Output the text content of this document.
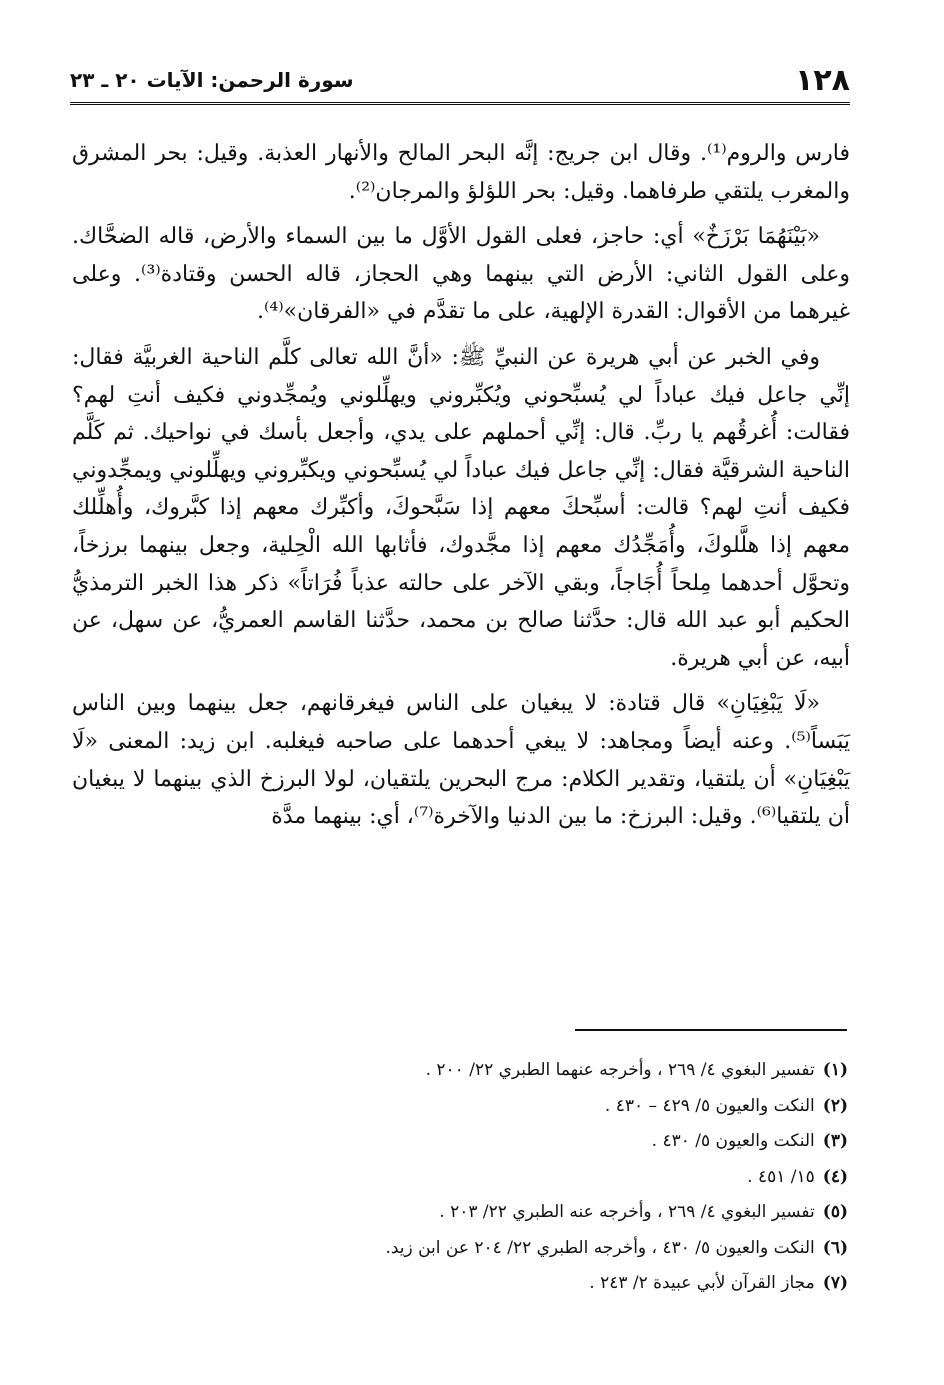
١٢٨
سورة الرحمن: الآيات ٢٠ ـ ٢٣

فارس والروم⁽¹⁾. وقال ابن جريج: إنَّه البحر المالح والأنهار العذبة. وقيل: بحر المشرق والمغرب يلتقي طرفاهما. وقيل: بحر اللؤلؤ والمرجان⁽²⁾.

«بَيْنَهُمَا بَرْزَخٌ» أي: حاجز، فعلى القول الأوَّل ما بين السماء والأرض، قاله الضحَّاك. وعلى القول الثاني: الأرض التي بينهما وهي الحجاز، قاله الحسن وقتادة⁽³⁾. وعلى غيرهما من الأقوال: القدرة الإلهية، على ما تقدَّم في «الفرقان»⁽⁴⁾.

وفي الخبر عن أبي هريرة عن النبيِّ ﷺ: «أنَّ الله تعالى كلَّم الناحية الغربيَّة فقال: إنِّي جاعل فيك عباداً لي يُسبِّحوني ويُكبِّروني ويهلِّلوني ويُمجِّدوني فكيف أنتِ لهم؟ فقالت: أُغرقُهم يا ربِّ. قال: إنِّي أحملهم على يدي، وأجعل بأسك في نواحيك. ثم كَلَّم الناحية الشرقيَّة فقال: إنِّي جاعل فيك عباداً لي يُسبِّحوني ويكبِّروني ويهلِّلوني ويمجِّدوني فكيف أنتِ لهم؟ قالت: أسبِّحكَ معهم إذا سَبَّحوكَ، وأكبِّرك معهم إذا كبَّروك، وأُهلِّلك معهم إذا هلَّلوكَ، وأُمَجِّدُك معهم إذا مجَّدوك، فأثابها الله الْحِلية، وجعل بينهما برزخاً، وتحوَّل أحدهما مِلحاً أُجَاجاً، وبقي الآخر على حالته عذباً فُرَاتاً» ذكر هذا الخبر الترمذيُّ الحكيم أبو عبد الله قال: حدَّثنا صالح بن محمد، حدَّثنا القاسم العمريُّ، عن سهل، عن أبيه، عن أبي هريرة.

«لَا يَبْغِيَانِ» قال قتادة: لا يبغيان على الناس فيغرقانهم، جعل بينهما وبين الناس يَبَساً⁽⁵⁾. وعنه أيضاً ومجاهد: لا يبغي أحدهما على صاحبه فيغلبه. ابن زيد: المعنى «لَا يَبْغِيَانِ» أن يلتقيا، وتقدير الكلام: مرج البحرين يلتقيان، لولا البرزخ الذي بينهما لا يبغيان أن يلتقيا⁽⁶⁾. وقيل: البرزخ: ما بين الدنيا والآخرة⁽⁷⁾، أي: بينهما مدَّة

(١)تفسير البغوي ٤/ ٢٦٩ ، وأخرجه عنهما الطبري ٢٢/ ٢٠٠ .
(٢)النكت والعيون ٥/ ٤٢٩ – ٤٣٠ .
(٣)النكت والعيون ٥/ ٤٣٠ .
(٤)١٥/ ٤٥١ .
(٥)تفسير البغوي ٤/ ٢٦٩ ، وأخرجه عنه الطبري ٢٢/ ٢٠٣ .
(٦)النكت والعيون ٥/ ٤٣٠ ، وأخرجه الطبري ٢٢/ ٢٠٤ عن ابن زيد.
(٧)مجاز القرآن لأبي عبيدة ٢/ ٢٤٣ .
